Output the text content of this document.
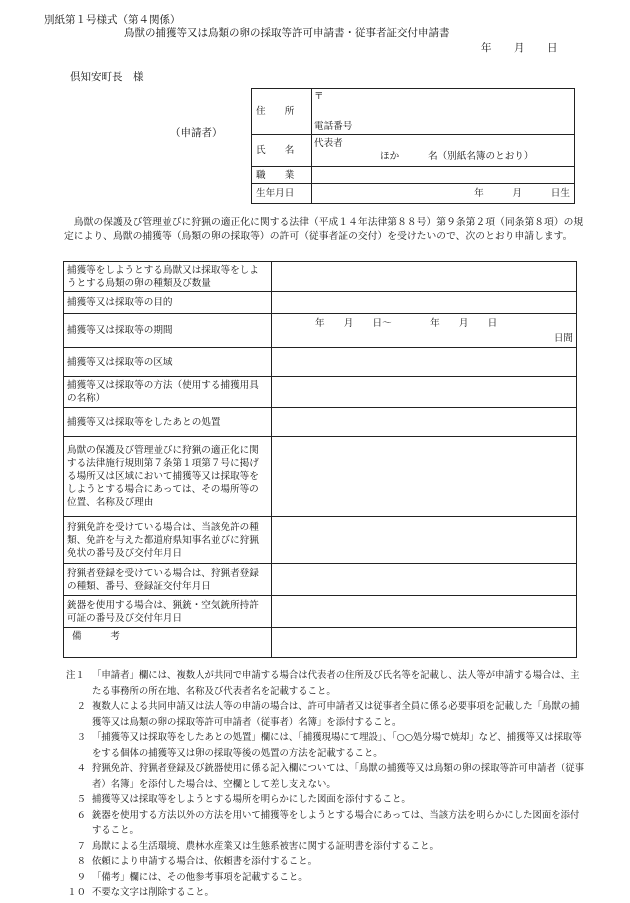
別紙第１号様式（第４関係）
鳥獣の捕獲等又は鳥類の卵の採取等許可申請書・従事者証交付申請書
年 月 日
倶知安町長　様
（申請者）
住　　所	〒
電話番号

氏　　名	代表者
ほか　　　名（別紙名簿のとおり）

職　　業	
生年月日	年　　　月　　　日生
鳥獣の保護及び管理並びに狩猟の適正化に関する法律（平成１４年法律第８８号）第９条第２項（同条第８項）の規定により、鳥獣の捕獲等（鳥類の卵の採取等）の許可（従事者証の交付）を受けたいので、次のとおり申請します。
捕獲等をしようとする鳥獣又は採取等をしようとする鳥類の卵の種類及び数量	
捕獲等又は採取等の目的	
捕獲等又は採取等の期間	年　　月　　日～　　　　年　　月　　日
日間

捕獲等又は採取等の区域	
捕獲等又は採取等の方法（使用する捕獲用具の名称）	
捕獲等又は採取等をしたあとの処置	
鳥獣の保護及び管理並びに狩猟の適正化に関する法律施行規則第７条第１項第７号に掲げる場所又は区域において捕獲等又は採取等をしようとする場合にあっては、その場所等の位置、名称及び理由	
狩猟免許を受けている場合は、当該免許の種類、免許を与えた都道府県知事名並びに狩猟免状の番号及び交付年月日	
狩猟者登録を受けている場合は、狩猟者登録の種類、番号、登録証交付年月日	
銃器を使用する場合は、猟銃・空気銃所持許可証の番号及び交付年月日	
備　　　考	
注１ 「申請者」欄には、複数人が共同で申請する場合は代表者の住所及び氏名等を記載し、法人等が申請する場合は、主たる事務所の所在地、名称及び代表者名を記載すること。
２ 複数人による共同申請又は法人等の申請の場合は、許可申請者又は従事者全員に係る必要事項を記載した「鳥獣の捕獲等又は鳥類の卵の採取等許可申請者（従事者）名簿」を添付すること。
３ 「捕獲等又は採取等をしたあとの処置」欄には、「捕獲現場にて埋設」、「○○処分場で焼却」など、捕獲等又は採取等をする個体の捕獲等又は卵の採取等後の処置の方法を記載すること。
４ 狩猟免許、狩猟者登録及び銃器使用に係る記入欄については、「鳥獣の捕獲等又は鳥類の卵の採取等許可申請者（従事者）名簿」を添付した場合は、空欄として差し支えない。
５ 捕獲等又は採取等をしようとする場所を明らかにした図面を添付すること。
６ 銃器を使用する方法以外の方法を用いて捕獲等をしようとする場合にあっては、当該方法を明らかにした図面を添付すること。
７ 鳥獣による生活環境、農林水産業又は生態系被害に関する証明書を添付すること。
８ 依頼により申請する場合は、依頼書を添付すること。
９ 「備考」欄には、その他参考事項を記載すること。
１０ 不要な文字は削除すること。
